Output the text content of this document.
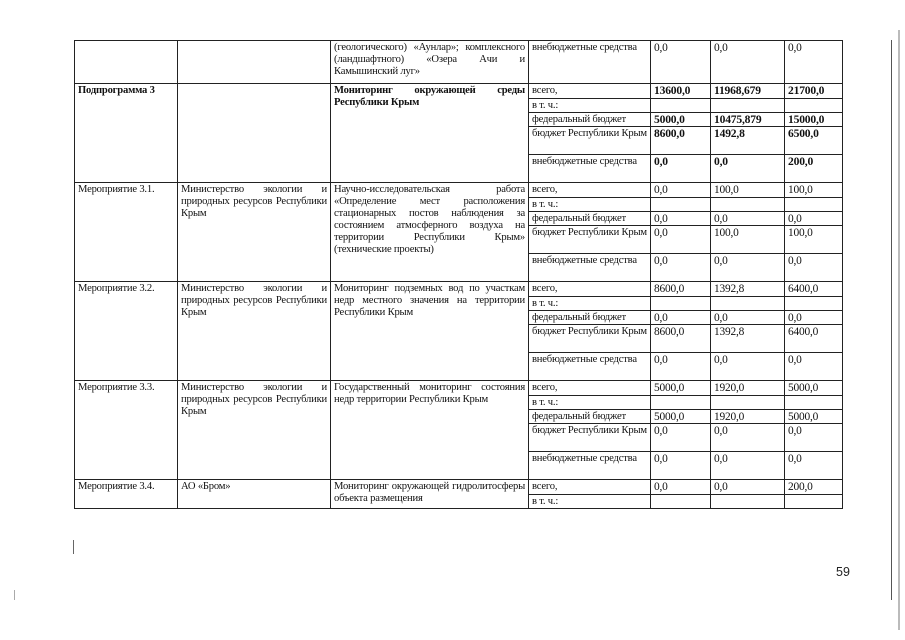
		(геологического) «Аунлар»; комплексного (ландшафтного) «Озера Ачи и Камышинский луг»	внебюджетные средства	0,0	0,0	0,0
Подпрограмма 3		Мониторинг окружающей среды Республики Крым	всего,	13600,0	11968,679	21700,0
			в т. ч.:			
			федеральный бюджет	5000,0	10475,879	15000,0
			бюджет Республики Крым	8600,0	1492,8	6500,0
			внебюджетные средства	0,0	0,0	200,0
Мероприятие 3.1.	Министерство экологии и природных ресурсов Республики Крым	Научно-исследовательская работа «Определение мест расположения стационарных постов наблюдения за состоянием атмосферного воздуха на территории Республики Крым» (технические проекты)	всего,	0,0	100,0	100,0
			в т. ч.:			
			федеральный бюджет	0,0	0,0	0,0
			бюджет Республики Крым	0,0	100,0	100,0
			внебюджетные средства	0,0	0,0	0,0
Мероприятие 3.2.	Министерство экологии и природных ресурсов Республики Крым	Мониторинг подземных вод по участкам недр местного значения на территории Республики Крым	всего,	8600,0	1392,8	6400,0
			в т. ч.:			
			федеральный бюджет	0,0	0,0	0,0
			бюджет Республики Крым	8600,0	1392,8	6400,0
			внебюджетные средства	0,0	0,0	0,0
Мероприятие 3.3.	Министерство экологии и природных ресурсов Республики Крым	Государственный мониторинг состояния недр территории Республики Крым	всего,	5000,0	1920,0	5000,0
			в т. ч.:			
			федеральный бюджет	5000,0	1920,0	5000,0
			бюджет Республики Крым	0,0	0,0	0,0
			внебюджетные средства	0,0	0,0	0,0
Мероприятие 3.4.	АО «Бром»	Мониторинг окружающей гидролитосферы объекта размещения	всего,	0,0	0,0	200,0
			в т. ч.:			
59
